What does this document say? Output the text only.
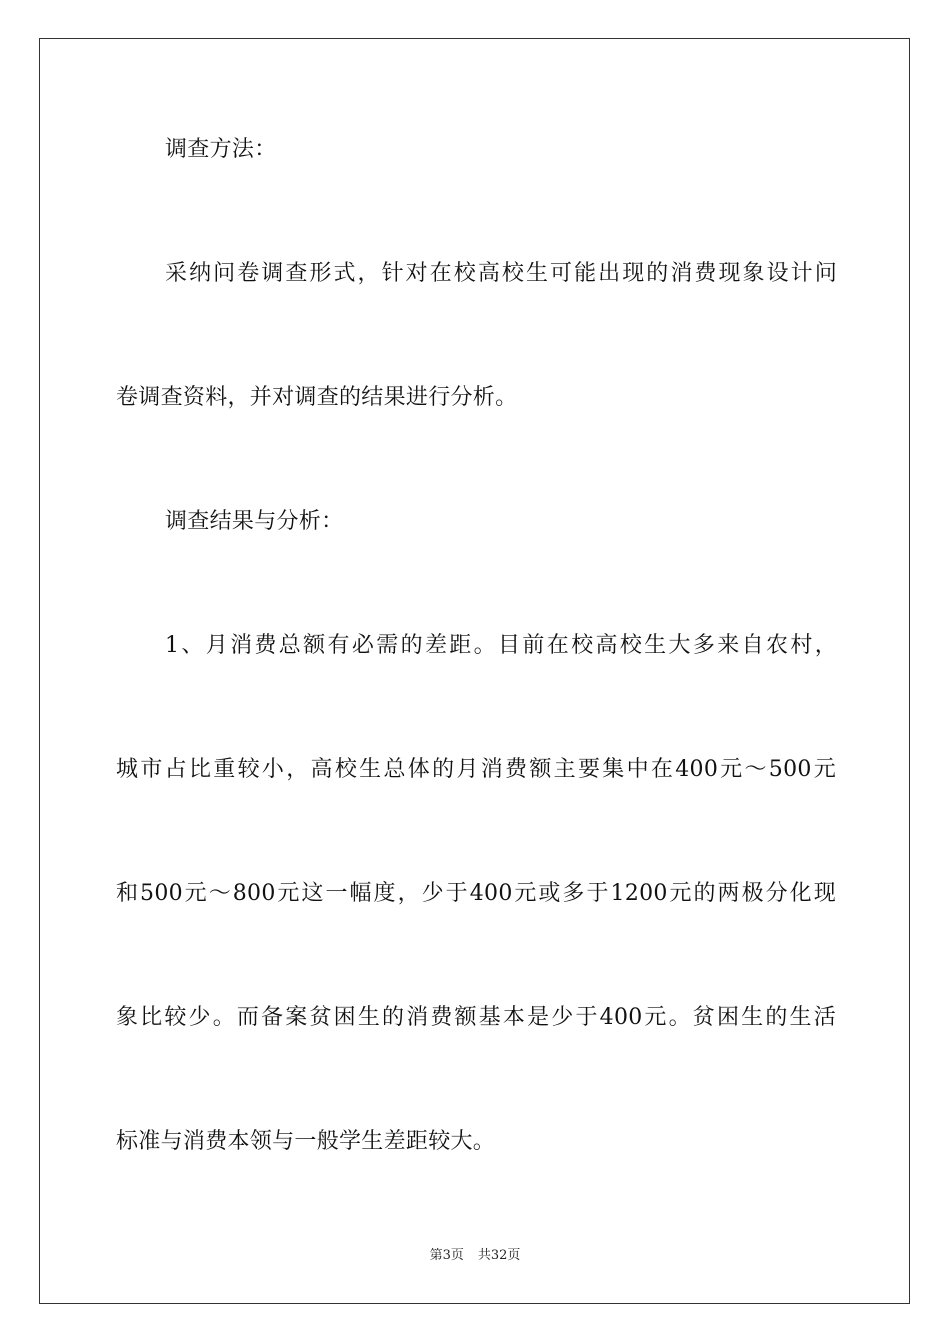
调查方法：
采纳问卷调查形式，针对在校高校生可能出现的消费现象设计问
卷调查资料，并对调查的结果进行分析。
调查结果与分析：
1、月消费总额有必需的差距。目前在校高校生大多来自农村，
城市占比重较小，高校生总体的月消费额主要集中在400元～500元
和500元～800元这一幅度，少于400元或多于1200元的两极分化现
象比较少。而备案贫困生的消费额基本是少于400元。贫困生的生活
标准与消费本领与一般学生差距较大。
第3页 共32页
